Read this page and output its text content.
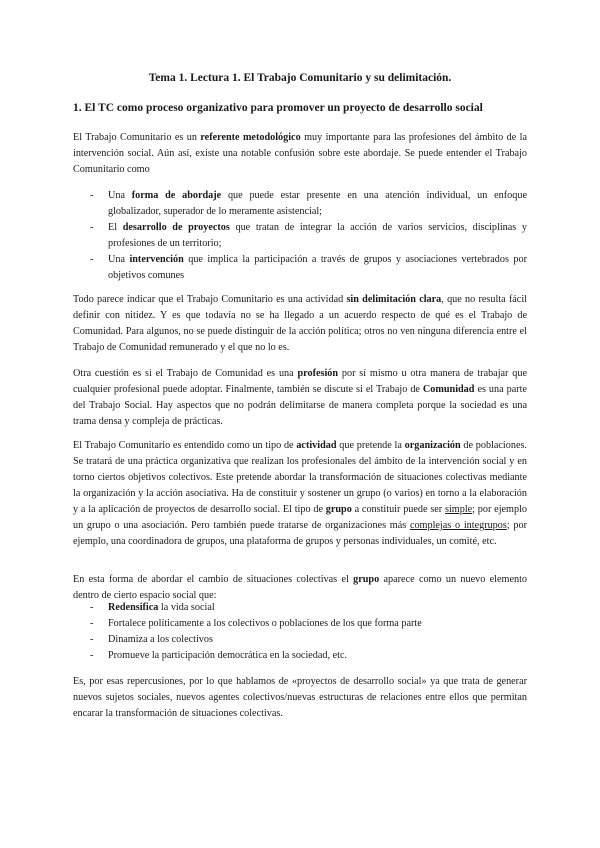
Tema 1. Lectura 1. El Trabajo Comunitario y su delimitación.
1. El TC como proceso organizativo para promover un proyecto de desarrollo social
El Trabajo Comunitario es un referente metodológico muy importante para las profesiones del ámbito de la intervención social. Aún así, existe una notable confusión sobre este abordaje. Se puede entender el Trabajo Comunitario como
- Una forma de abordaje que puede estar presente en una atención individual, un enfoque globalizador, superador de lo meramente asistencial;
- El desarrollo de proyectos que tratan de integrar la acción de varios servicios, disciplinas y profesiones de un territorio;
- Una intervención que implica la participación a través de grupos y asociaciones vertebrados por objetivos comunes
Todo parece indicar que el Trabajo Comunitario es una actividad sin delimitación clara, que no resulta fácil definir con nitidez. Y es que todavía no se ha llegado a un acuerdo respecto de qué es el Trabajo de Comunidad. Para algunos, no se puede distinguir de la acción política; otros no ven ninguna diferencia entre el Trabajo de Comunidad remunerado y el que no lo es.
Otra cuestión es si el Trabajo de Comunidad es una profesión por sí mismo u otra manera de trabajar que cualquier profesional puede adoptar. Finalmente, también se discute si el Trabajo de Comunidad es una parte del Trabajo Social. Hay aspectos que no podrán delimitarse de manera completa porque la sociedad es una trama densa y compleja de prácticas.
El Trabajo Comunitario es entendido como un tipo de actividad que pretende la organización de poblaciones. Se tratará de una práctica organizativa que realizan los profesionales del ámbito de la intervención social y en torno ciertos objetivos colectivos. Este pretende abordar la transformación de situaciones colectivas mediante la organización y la acción asociativa. Ha de constituir y sostener un grupo (o varios) en torno a la elaboración y a la aplicación de proyectos de desarrollo social. El tipo de grupo a constituir puede ser simple; por ejemplo un grupo o una asociación. Pero también puede tratarse de organizaciones más complejas o integrupos; por ejemplo, una coordinadora de grupos, una plataforma de grupos y personas individuales, un comité, etc.
En esta forma de abordar el cambio de situaciones colectivas el grupo aparece como un nuevo elemento dentro de cierto espacio social que:
- Redensifica la vida social
- Fortalece políticamente a los colectivos o poblaciones de los que forma parte
- Dinamiza a los colectivos
- Promueve la participación democrática en la sociedad, etc.
Es, por esas repercusiones, por lo que hablamos de «proyectos de desarrollo social» ya que trata de generar nuevos sujetos sociales, nuevos agentes colectivos/nuevas estructuras de relaciones entre ellos que permitan encarar la transformación de situaciones colectivas.
